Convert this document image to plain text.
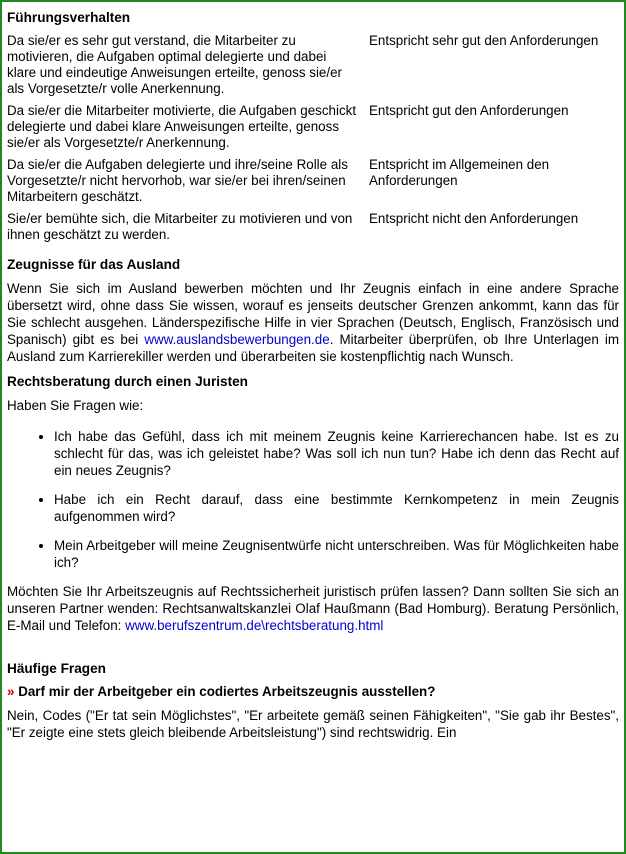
Führungsverhalten
Da sie/er es sehr gut verstand, die Mitarbeiter zu motivieren, die Aufgaben optimal delegierte und dabei klare und eindeutige Anweisungen erteilte, genoss sie/er als Vorgesetzte/r volle Anerkennung.	Entspricht sehr gut den Anforderungen
Da sie/er die Mitarbeiter motivierte, die Aufgaben geschickt delegierte und dabei klare Anweisungen erteilte, genoss sie/er als Vorgesetzte/r Anerkennung.	Entspricht gut den Anforderungen
Da sie/er die Aufgaben delegierte und ihre/seine Rolle als Vorgesetzte/r nicht hervorhob, war sie/er bei ihren/seinen Mitarbeitern geschätzt.	Entspricht im Allgemeinen den Anforderungen
Sie/er bemühte sich, die Mitarbeiter zu motivieren und von ihnen geschätzt zu werden.	Entspricht nicht den Anforderungen
Zeugnisse für das Ausland

Wenn Sie sich im Ausland bewerben möchten und Ihr Zeugnis einfach in eine andere Sprache übersetzt wird, ohne dass Sie wissen, worauf es jenseits deutscher Grenzen ankommt, kann das für Sie schlecht ausgehen. Länderspezifische Hilfe in vier Sprachen (Deutsch, Englisch, Französisch und Spanisch) gibt es bei www.auslandsbewerbungen.de. Mitarbeiter überprüfen, ob Ihre Unterlagen im Ausland zum Karrierekiller werden und überarbeiten sie kostenpflichtig nach Wunsch.

Rechtsberatung durch einen Juristen

Haben Sie Fragen wie:

• Ich habe das Gefühl, dass ich mit meinem Zeugnis keine Karrierechancen habe. Ist es zu schlecht für das, was ich geleistet habe? Was soll ich nun tun? Habe ich denn das Recht auf ein neues Zeugnis?
• Habe ich ein Recht darauf, dass eine bestimmte Kernkompetenz in mein Zeugnis aufgenommen wird?
• Mein Arbeitgeber will meine Zeugnisentwürfe nicht unterschreiben. Was für Möglichkeiten habe ich?

Möchten Sie Ihr Arbeitszeugnis auf Rechtssicherheit juristisch prüfen lassen? Dann sollten Sie sich an unseren Partner wenden: Rechtsanwaltskanzlei Olaf Haußmann (Bad Homburg). Beratung Persönlich, E-Mail und Telefon: www.berufszentrum.de\rechtsberatung.html

Häufige Fragen
» Darf mir der Arbeitgeber ein codiertes Arbeitszeugnis ausstellen?

Nein, Codes ("Er tat sein Möglichstes", "Er arbeitete gemäß seinen Fähigkeiten", "Sie gab ihr Bestes", "Er zeigte eine stets gleich bleibende Arbeitsleistung") sind rechtswidrig. Ein
